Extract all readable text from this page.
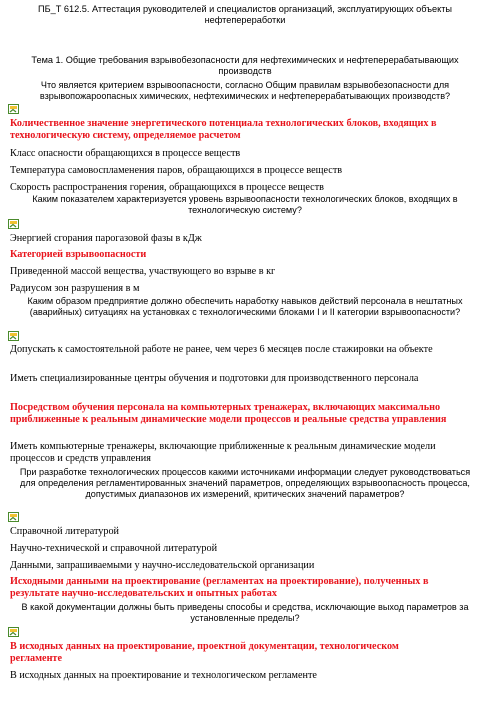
ПБ_Т 612.5. Аттестация руководителей и специалистов организаций, эксплуатирующих объекты нефтепереработки
Тема 1. Общие требования взрывобезопасности для нефтехимических и нефтеперерабатывающих производств
Что является критерием взрывоопасности, согласно Общим правилам взрывобезопасности для взрывопожароопасных химических, нефтехимических и нефтеперерабатывающих производств?
Количественное значение энергетического потенциала технологических блоков, входящих в технологическую систему, определяемое расчетом
Класс опасности обращающихся в процессе веществ
Температура самовоспламенения паров, обращающихся в процессе веществ
Скорость распространения горения, обращающихся в процессе веществ
Каким показателем характеризуется уровень взрывоопасности технологических блоков, входящих в технологическую систему?
Энергией сгорания парогазовой фазы в кДж
Категорией взрывоопасности
Приведенной массой вещества, участвующего во взрыве в кг
Радиусом зон разрушения в м
Каким образом предприятие должно обеспечить наработку навыков действий персонала в нештатных (аварийных) ситуациях на установках с технологическими блоками I и II категории взрывоопасности?
Допускать к самостоятельной работе не ранее, чем через 6 месяцев после стажировки на объекте
Иметь специализированные центры обучения и подготовки для производственного персонала
Посредством обучения персонала на компьютерных тренажерах, включающих максимально приближенные к реальным динамические модели процессов и реальные средства управления
Иметь компьютерные тренажеры, включающие приближенные к реальным динамические модели процессов и средств управления
При разработке технологических процессов какими источниками информации следует руководствоваться для определения регламентированных значений параметров, определяющих взрывоопасность процесса, допустимых диапазонов их измерений, критических значений параметров?
Справочной литературой
Научно-технической и справочной литературой
Данными, запрашиваемыми у научно-исследовательской организации
Исходными данными на проектирование (регламентах на проектирование), полученных в результате научно-исследовательских и опытных работах
В какой документации должны быть приведены способы и средства, исключающие выход параметров за установленные пределы?
В исходных данных на проектирование, проектной документации, технологическом регламенте
В исходных данных на проектирование и технологическом регламенте
